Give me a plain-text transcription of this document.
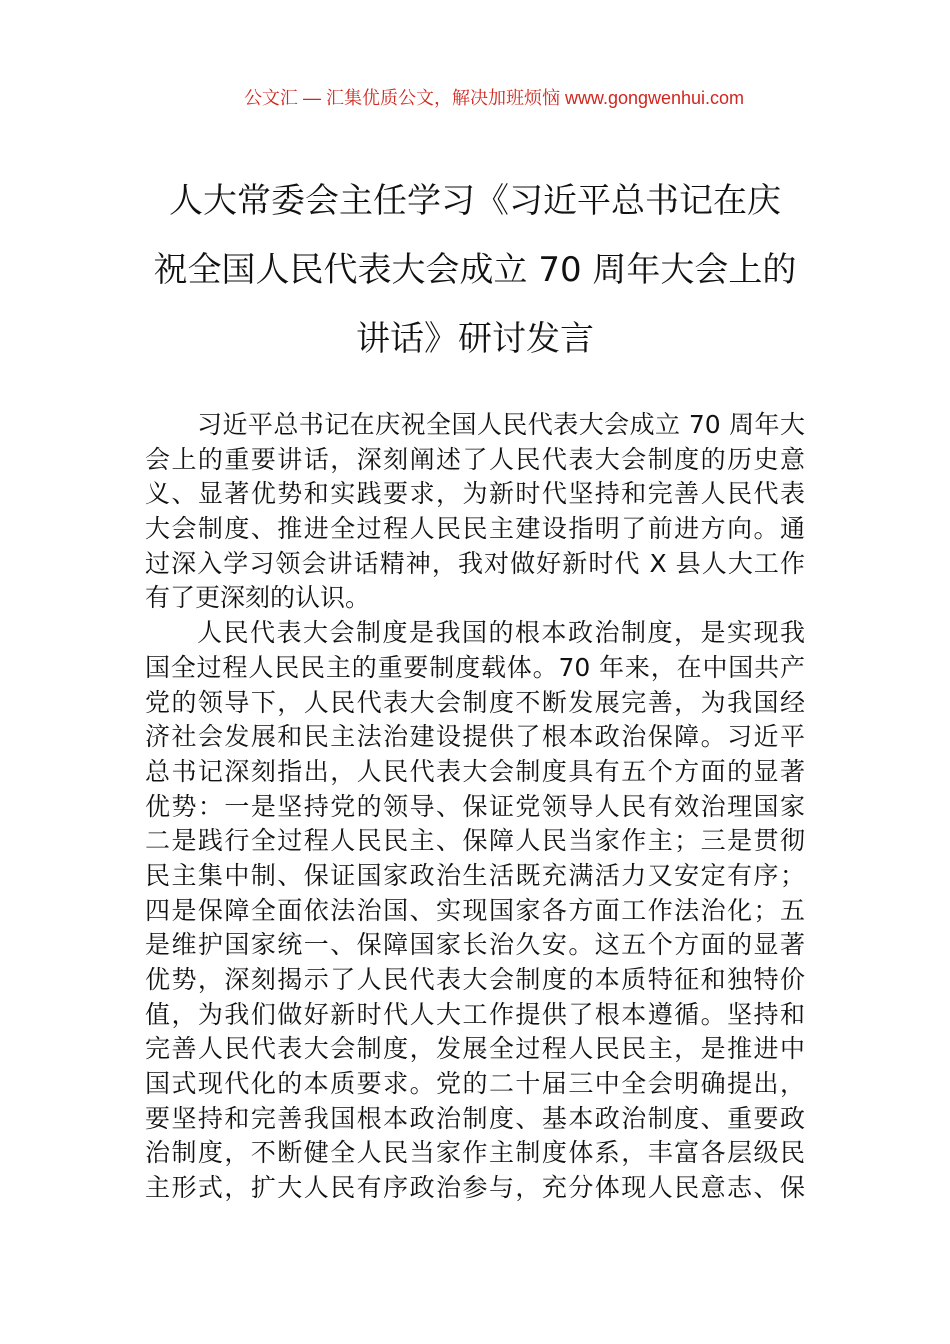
公文汇 — 汇集优质公文，解决加班烦恼 www.gongwenhui.com
人大常委会主任学习《习近平总书记在庆
祝全国人民代表大会成立 70 周年大会上的
讲话》研讨发言
习近平总书记在庆祝全国人民代表大会成立 70 周年大
会上的重要讲话，深刻阐述了人民代表大会制度的历史意
义、显著优势和实践要求，为新时代坚持和完善人民代表
大会制度、推进全过程人民民主建设指明了前进方向。通
过深入学习领会讲话精神，我对做好新时代 X 县人大工作
有了更深刻的认识。
人民代表大会制度是我国的根本政治制度，是实现我
国全过程人民民主的重要制度载体。70 年来，在中国共产
党的领导下，人民代表大会制度不断发展完善，为我国经
济社会发展和民主法治建设提供了根本政治保障。习近平
总书记深刻指出，人民代表大会制度具有五个方面的显著
优势：一是坚持党的领导、保证党领导人民有效治理国家
二是践行全过程人民民主、保障人民当家作主；三是贯彻
民主集中制、保证国家政治生活既充满活力又安定有序；
四是保障全面依法治国、实现国家各方面工作法治化；五
是维护国家统一、保障国家长治久安。这五个方面的显著
优势，深刻揭示了人民代表大会制度的本质特征和独特价
值，为我们做好新时代人大工作提供了根本遵循。坚持和
完善人民代表大会制度，发展全过程人民民主，是推进中
国式现代化的本质要求。党的二十届三中全会明确提出，
要坚持和完善我国根本政治制度、基本政治制度、重要政
治制度，不断健全人民当家作主制度体系，丰富各层级民
主形式，扩大人民有序政治参与，充分体现人民意志、保
